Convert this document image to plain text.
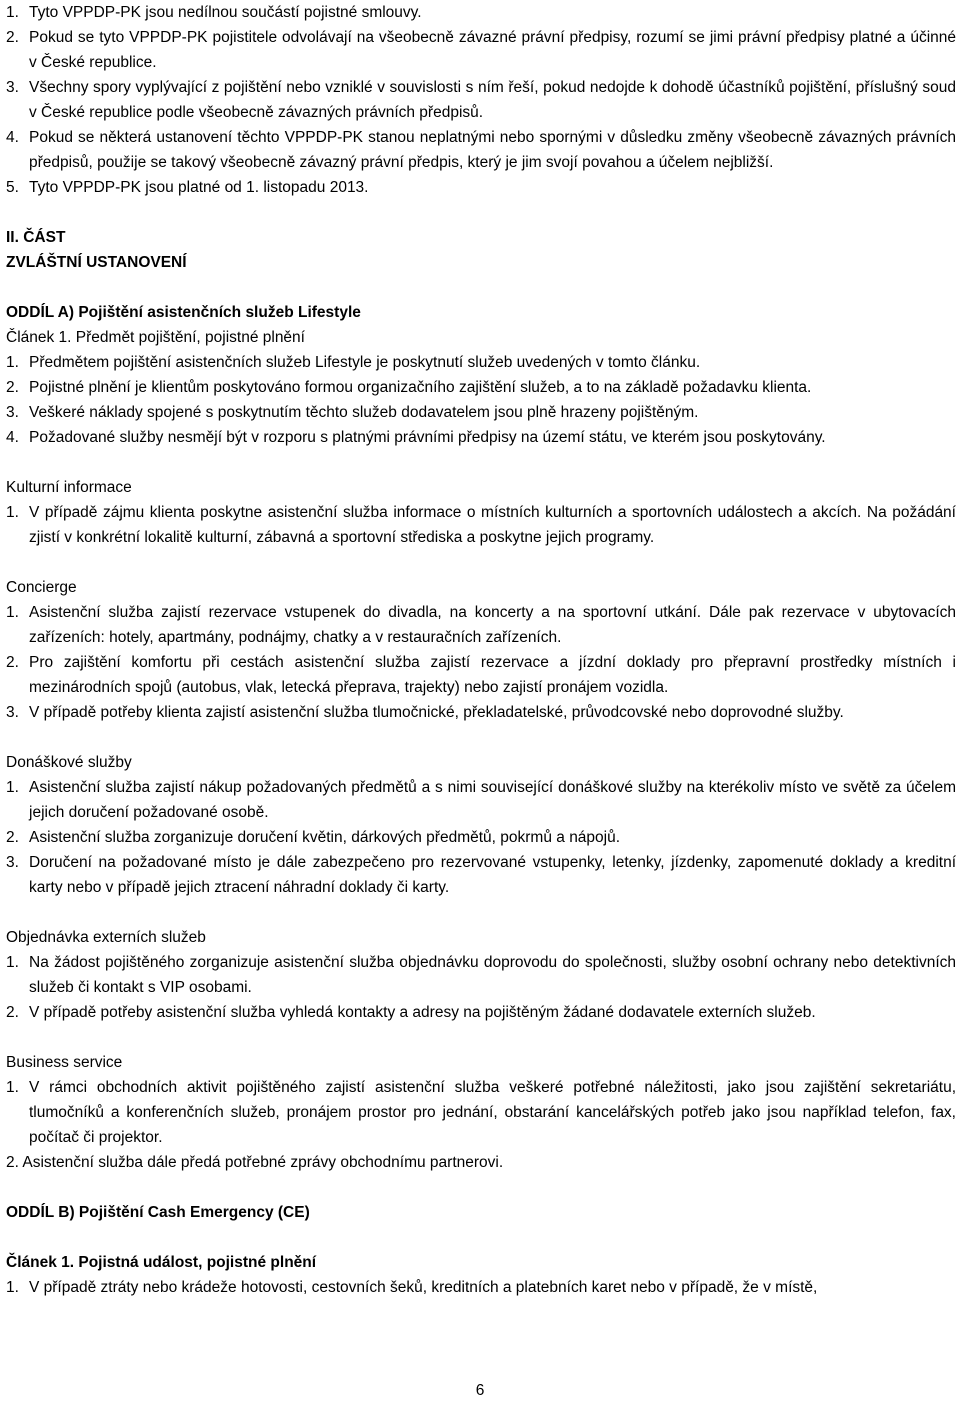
1. Tyto VPPDP-PK jsou nedílnou součástí pojistné smlouvy.
2. Pokud se tyto VPPDP-PK pojistitele odvolávají na všeobecně závazné právní předpisy, rozumí se jimi právní předpisy platné a účinné v České republice.
3. Všechny spory vyplývající z pojištění nebo vzniklé v souvislosti s ním řeší, pokud nedojde k dohodě účastníků pojištění, příslušný soud v České republice podle všeobecně závazných právních předpisů.
4. Pokud se některá ustanovení těchto VPPDP-PK stanou neplatnými nebo spornými v důsledku změny všeobecně závazných právních předpisů, použije se takový všeobecně závazný právní předpis, který je jim svojí povahou a účelem nejbližší.
5. Tyto VPPDP-PK jsou platné od 1. listopadu 2013.
II. ČÁST
ZVLÁŠTNÍ USTANOVENÍ
ODDÍL A) Pojištění asistenčních služeb Lifestyle
Článek 1. Předmět pojištění, pojistné plnění
1. Předmětem pojištění asistenčních služeb Lifestyle je poskytnutí služeb uvedených v tomto článku.
2. Pojistné plnění je klientům poskytováno formou organizačního zajištění služeb, a to na základě požadavku klienta.
3. Veškeré náklady spojené s poskytnutím těchto služeb dodavatelem jsou plně hrazeny pojištěným.
4. Požadované služby nesmějí být v rozporu s platnými právními předpisy na území státu, ve kterém jsou poskytovány.
Kulturní informace
1. V případě zájmu klienta poskytne asistenční služba informace o místních kulturních a sportovních událostech a akcích. Na požádání zjistí v konkrétní lokalitě kulturní, zábavná a sportovní střediska a poskytne jejich programy.
Concierge
1. Asistenční služba zajistí rezervace vstupenek do divadla, na koncerty a na sportovní utkání. Dále pak rezervace v ubytovacích zařízeních: hotely, apartmány, podnájmy, chatky a v restauračních zařízeních.
2. Pro zajištění komfortu při cestách asistenční služba zajistí rezervace a jízdní doklady pro přepravní prostředky místních i mezinárodních spojů (autobus, vlak, letecká přeprava, trajekty) nebo zajistí pronájem vozidla.
3. V případě potřeby klienta zajistí asistenční služba tlumočnické, překladatelské, průvodcovské nebo doprovodné služby.
Donáškové služby
1. Asistenční služba zajistí nákup požadovaných předmětů a s nimi související donáškové služby na kterékoliv místo ve světě za účelem jejich doručení požadované osobě.
2. Asistenční služba zorganizuje doručení květin, dárkových předmětů, pokrmů a nápojů.
3. Doručení na požadované místo je dále zabezpečeno pro rezervované vstupenky, letenky, jízdenky, zapomenuté doklady a kreditní karty nebo v případě jejich ztracení náhradní doklady či karty.
Objednávka externích služeb
1. Na žádost pojištěného zorganizuje asistenční služba objednávku doprovodu do společnosti, služby osobní ochrany nebo detektivních služeb či kontakt s VIP osobami.
2. V případě potřeby asistenční služba vyhledá kontakty a adresy na pojištěným žádané dodavatele externích služeb.
Business service
1. V rámci obchodních aktivit pojištěného zajistí asistenční služba veškeré potřebné náležitosti, jako jsou zajištění sekretariátu, tlumočníků a konferenčních služeb, pronájem prostor pro jednání, obstarání kancelářských potřeb jako jsou například telefon, fax, počítač či projektor.
2. Asistenční služba dále předá potřebné zprávy obchodnímu partnerovi.
ODDÍL B) Pojištění Cash Emergency (CE)
Článek 1. Pojistná událost, pojistné plnění
1. V případě ztráty nebo krádeže hotovosti, cestovních šeků, kreditních a platebních karet nebo v případě, že v místě,
6
